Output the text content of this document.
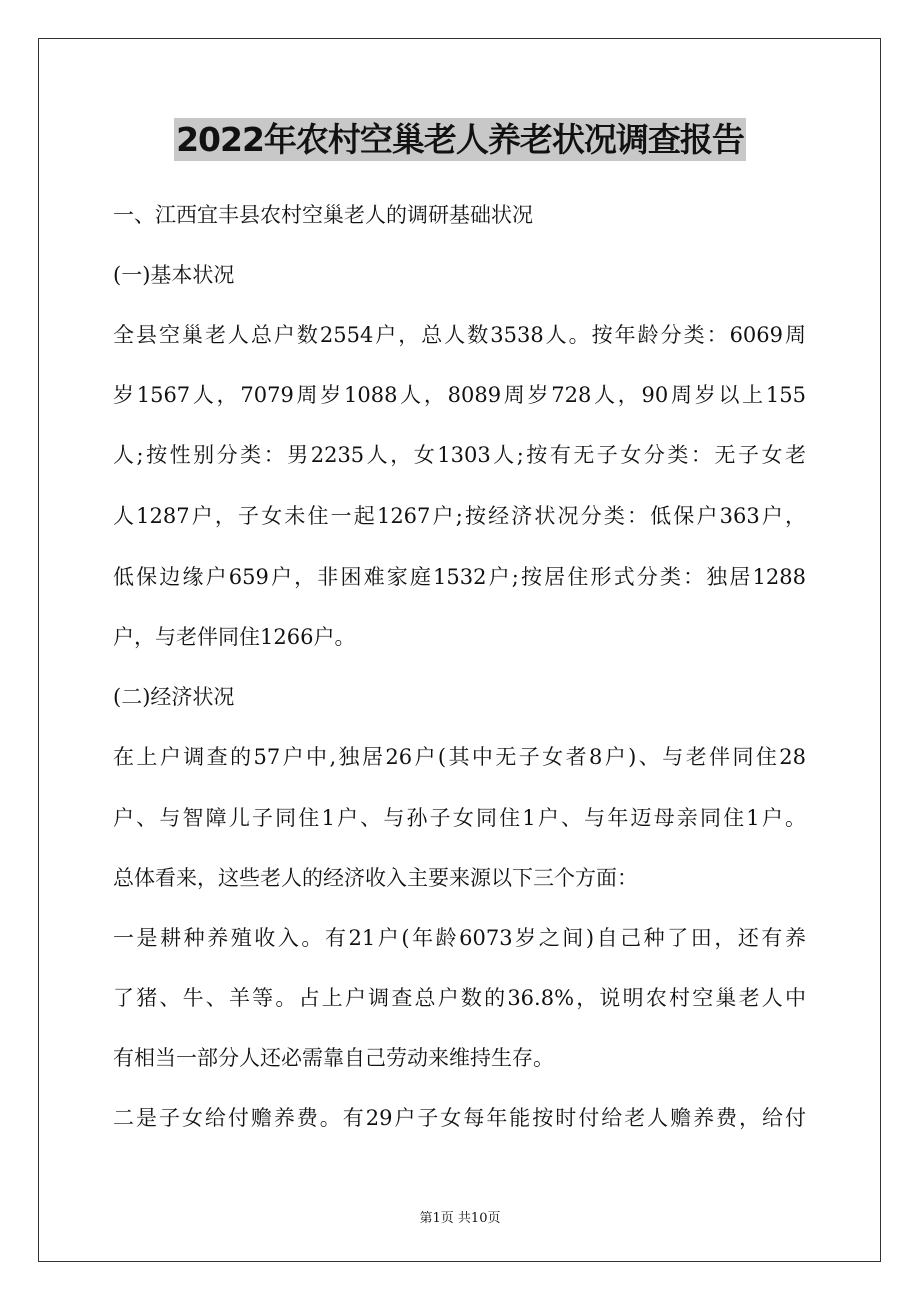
2022年农村空巢老人养老状况调查报告
一、江西宜丰县农村空巢老人的调研基础状况
(一)基本状况
全县空巢老人总户数2554户，总人数3538人。按年龄分类：6069周
岁1567人，7079周岁1088人，8089周岁728人，90周岁以上155
人;按性别分类：男2235人，女1303人;按有无子女分类：无子女老
人1287户，子女未住一起1267户;按经济状况分类：低保户363户，
低保边缘户659户，非困难家庭1532户;按居住形式分类：独居1288
户，与老伴同住1266户。
(二)经济状况
在上户调查的57户中,独居26户(其中无子女者8户)、与老伴同住28
户、与智障儿子同住1户、与孙子女同住1户、与年迈母亲同住1户。
总体看来，这些老人的经济收入主要来源以下三个方面：
一是耕种养殖收入。有21户(年龄6073岁之间)自己种了田，还有养
了猪、牛、羊等。占上户调查总户数的36.8%，说明农村空巢老人中
有相当一部分人还必需靠自己劳动来维持生存。
二是子女给付赡养费。有29户子女每年能按时付给老人赡养费，给付
第1页 共10页
